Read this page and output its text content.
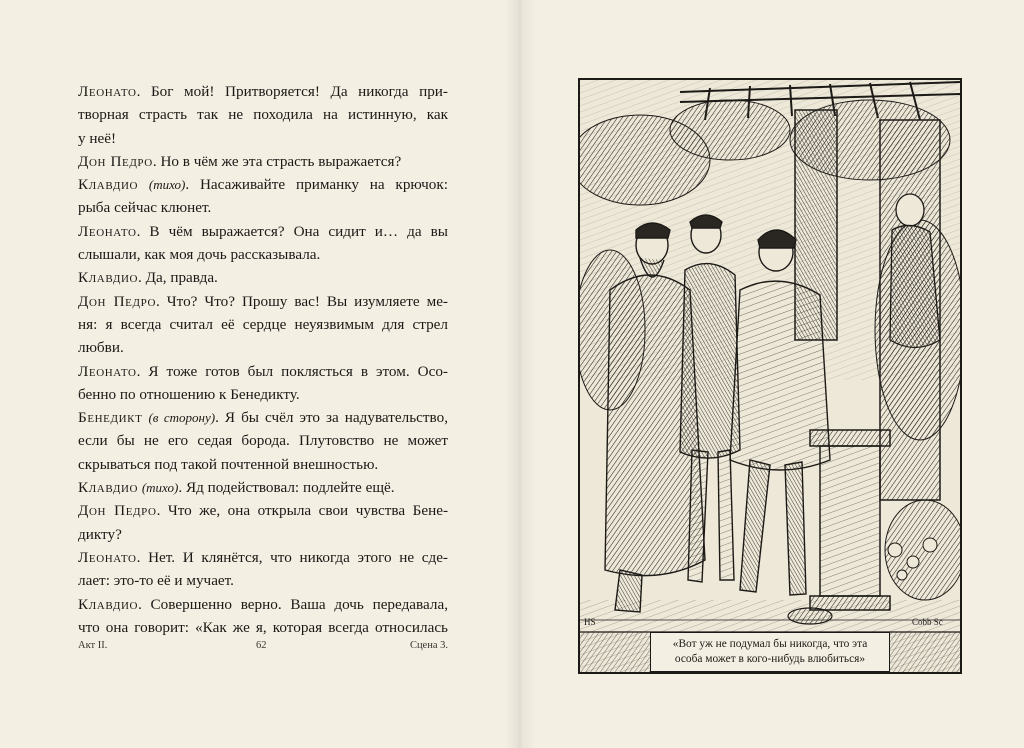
Леонато. Бог мой! Притворяется! Да никогда при-

творная страсть так не походила на истинную, как

у неё!

Дон Педро. Но в чём же эта страсть выражается?

Клавдио (тихо). Насаживайте приманку на крючок:

рыба сейчас клюнет.

Леонато. В чём выражается? Она сидит и… да вы

слышали, как моя дочь рассказывала.

Клавдио. Да, правда.

Дон Педро. Что? Что? Прошу вас! Вы изумляете ме-

ня: я всегда считал её сердце неуязвимым для стрел

любви.

Леонато. Я тоже готов был поклясться в этом. Осо-

бенно по отношению к Бенедикту.

Бенедикт (в сторону). Я бы счёл это за надувательство,

если бы не его седая борода. Плутовство не может

скрываться под такой почтенной внешностью.

Клавдио (тихо). Яд подействовал: подлейте ещё.

Дон Педро. Что же, она открыла свои чувства Бене-

дикту?

Леонато. Нет. И клянётся, что никогда этого не сде-

лает: это-то её и мучает.

Клавдио. Совершенно верно. Ваша дочь передавала,

что она говорит: «Как же я, которая всегда относилась

Акт II.	62	Сцена 3.
HS	Cobb Sc
«Вот уж не подумал бы никогда, что эта
особа может в кого-нибудь влюбиться»
